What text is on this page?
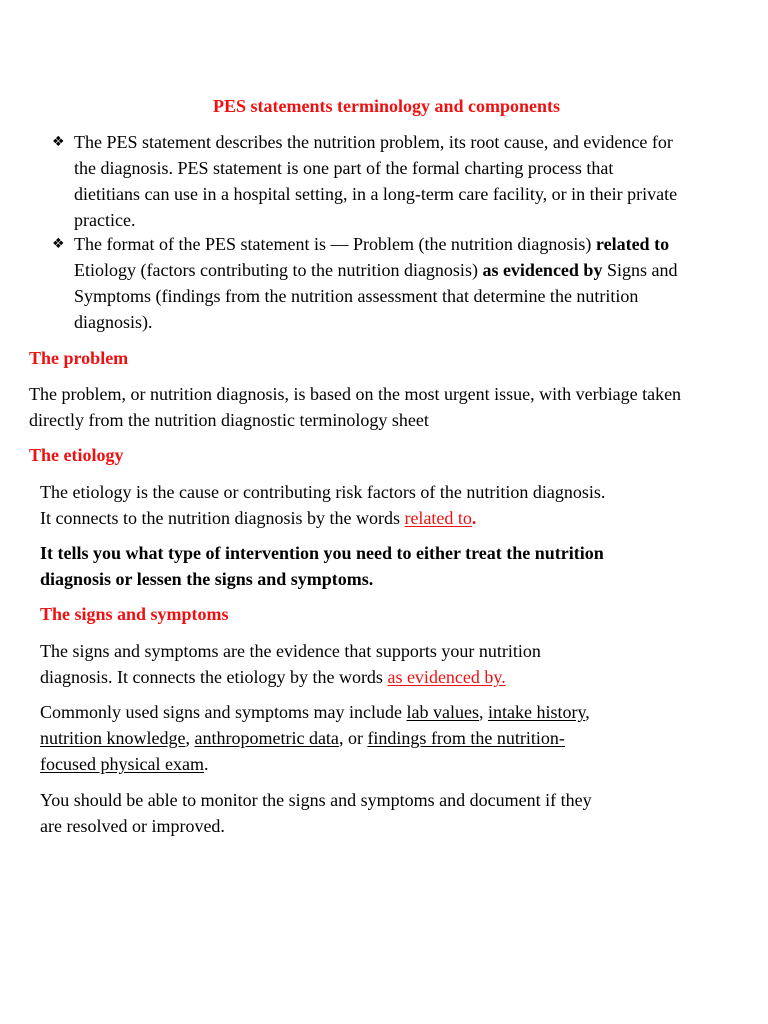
PES statements terminology and components
❖ The PES statement describes the nutrition problem, its root cause, and evidence for
the diagnosis. PES statement is one part of the formal charting process that
dietitians can use in a hospital setting, in a long-term care facility, or in their private
practice.
❖ The format of the PES statement is — Problem (the nutrition diagnosis) related to
Etiology (factors contributing to the nutrition diagnosis) as evidenced by Signs and
Symptoms (findings from the nutrition assessment that determine the nutrition
diagnosis).
The problem
The problem, or nutrition diagnosis, is based on the most urgent issue, with verbiage taken
directly from the nutrition diagnostic terminology sheet
The etiology
The etiology is the cause or contributing risk factors of the nutrition diagnosis.
It connects to the nutrition diagnosis by the words related to.
It tells you what type of intervention you need to either treat the nutrition
diagnosis or lessen the signs and symptoms.
The signs and symptoms
The signs and symptoms are the evidence that supports your nutrition
diagnosis. It connects the etiology by the words as evidenced by.
Commonly used signs and symptoms may include lab values, intake history,
nutrition knowledge, anthropometric data, or findings from the nutrition-
focused physical exam.
You should be able to monitor the signs and symptoms and document if they
are resolved or improved.
